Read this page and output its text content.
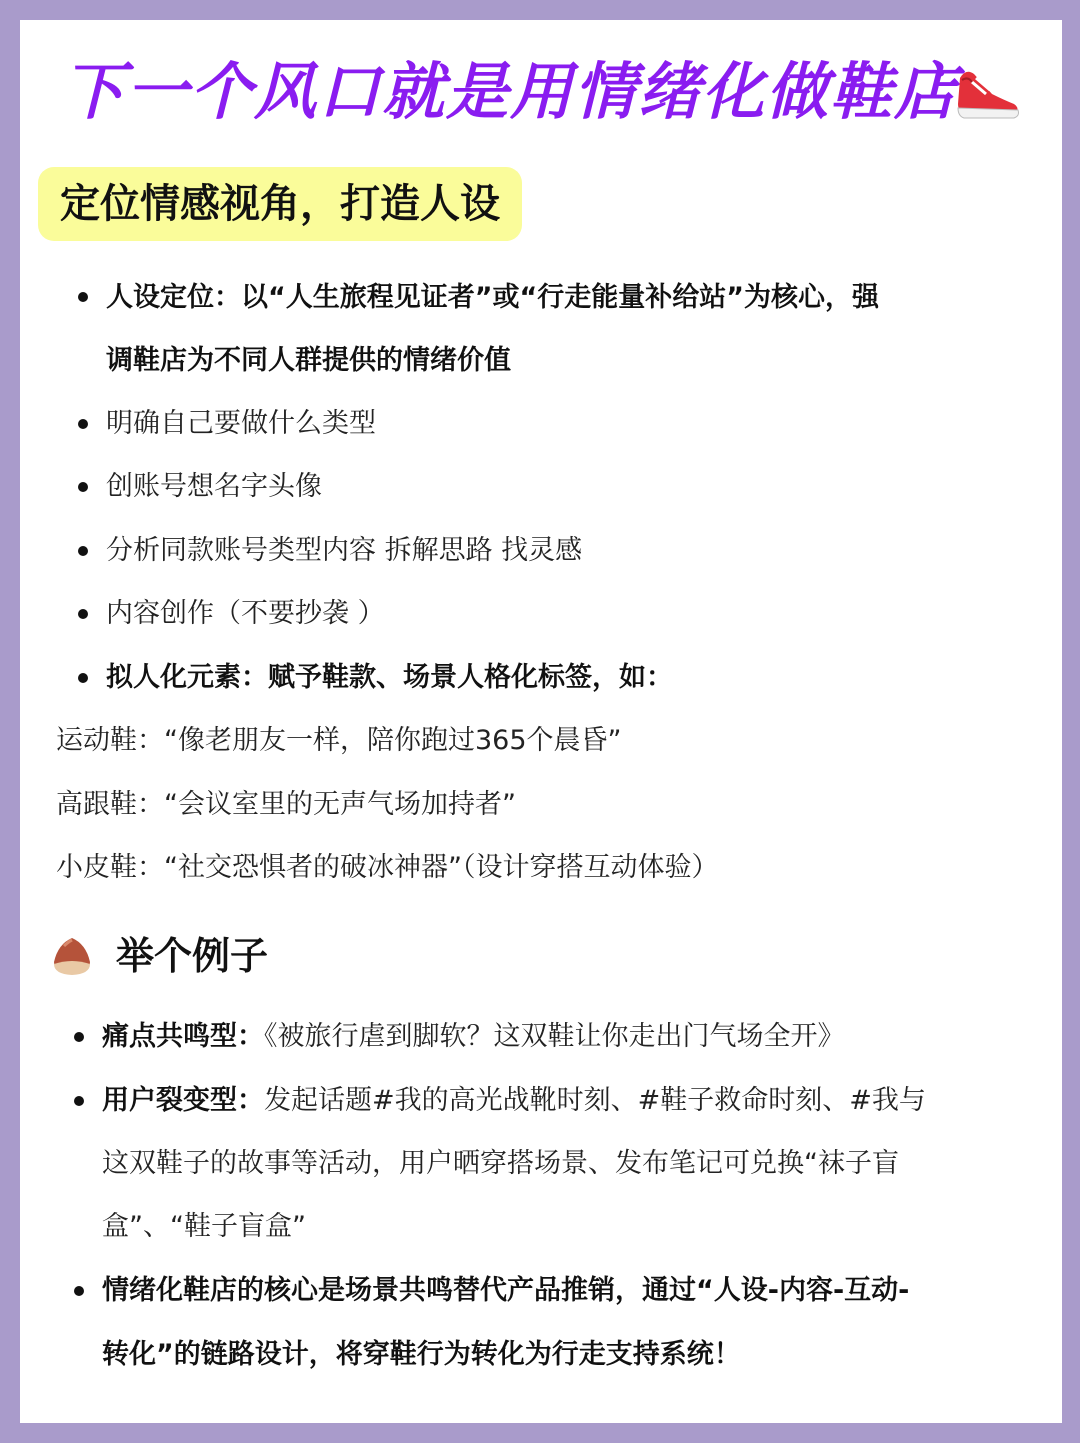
下一个风口就是用情绪化做鞋店
定位情感视角，打造人设
人设定位：以“人生旅程见证者”或“行走能量补给站”为核心，强
调鞋店为不同人群提供的情绪价值
明确自己要做什么类型
创账号想名字头像
分析同款账号类型内容 拆解思路 找灵感
内容创作（不要抄袭 ）
拟人化元素：赋予鞋款、场景人格化标签，如：
运动鞋：“像老朋友一样，陪你跑过365个晨昏”
高跟鞋：“会议室里的无声气场加持者”
小皮鞋：“社交恐惧者的破冰神器”（设计穿搭互动体验）
举个例子
痛点共鸣型：《被旅行虐到脚软？这双鞋让你走出门气场全开》
用户裂变型：发起话题#我的高光战靴时刻、#鞋子救命时刻、#我与
这双鞋子的故事等活动，用户晒穿搭场景、发布笔记可兑换“袜子盲
盒”、“鞋子盲盒”
情绪化鞋店的核心是场景共鸣替代产品推销，通过“人设-内容-互动-
转化”的链路设计，将穿鞋行为转化为行走支持系统！
